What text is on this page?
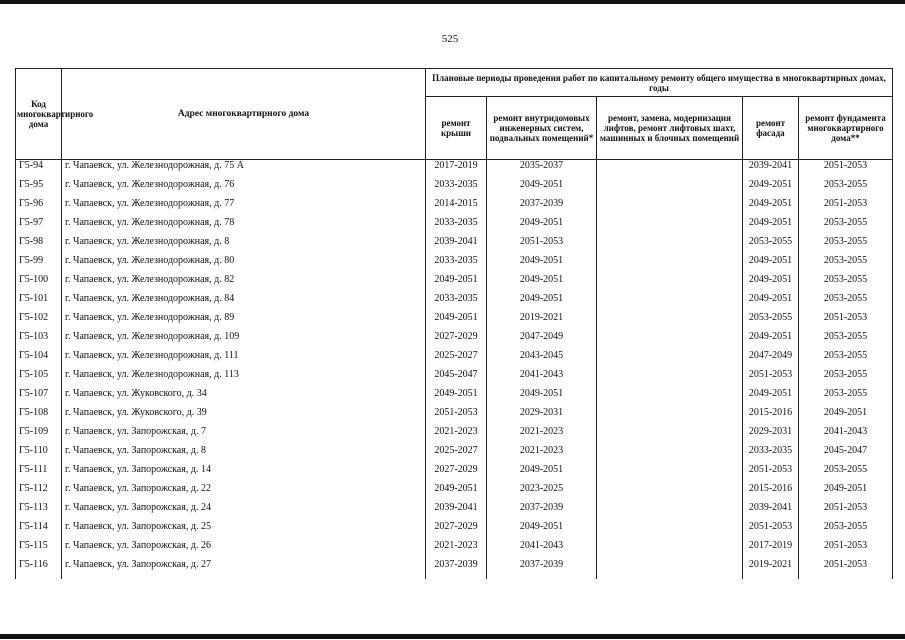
525
Код многоквартирного дома	Адрес многоквартирного дома	Плановые периоды проведения работ по капитальному ремонту общего имущества в многоквартирных домах, годы				
		ремонт крыши	ремонт внутридомовых инженерных систем, подвальных помещений*	ремонт, замена, модернизация лифтов, ремонт лифтовых шахт, машинных и блочных помещений	ремонт фасада	ремонт фундамента многоквартирного дома**
Г5-94	г. Чапаевск, ул. Железнодорожная, д. 75 А	2017-2019	2035-2037		2039-2041	2051-2053
Г5-95	г. Чапаевск, ул. Железнодорожная, д. 76	2033-2035	2049-2051		2049-2051	2053-2055
Г5-96	г. Чапаевск, ул. Железнодорожная, д. 77	2014-2015	2037-2039		2049-2051	2051-2053
Г5-97	г. Чапаевск, ул. Железнодорожная, д. 78	2033-2035	2049-2051		2049-2051	2053-2055
Г5-98	г. Чапаевск, ул. Железнодорожная, д. 8	2039-2041	2051-2053		2053-2055	2053-2055
Г5-99	г. Чапаевск, ул. Железнодорожная, д. 80	2033-2035	2049-2051		2049-2051	2053-2055
Г5-100	г. Чапаевск, ул. Железнодорожная, д. 82	2049-2051	2049-2051		2049-2051	2053-2055
Г5-101	г. Чапаевск, ул. Железнодорожная, д. 84	2033-2035	2049-2051		2049-2051	2053-2055
Г5-102	г. Чапаевск, ул. Железнодорожная, д. 89	2049-2051	2019-2021		2053-2055	2051-2053
Г5-103	г. Чапаевск, ул. Железнодорожная, д. 109	2027-2029	2047-2049		2049-2051	2053-2055
Г5-104	г. Чапаевск, ул. Железнодорожная, д. 111	2025-2027	2043-2045		2047-2049	2053-2055
Г5-105	г. Чапаевск, ул. Железнодорожная, д. 113	2045-2047	2041-2043		2051-2053	2053-2055
Г5-107	г. Чапаевск, ул. Жуковского, д. 34	2049-2051	2049-2051		2049-2051	2053-2055
Г5-108	г. Чапаевск, ул. Жуковского, д. 39	2051-2053	2029-2031		2015-2016	2049-2051
Г5-109	г. Чапаевск, ул. Запорожская, д. 7	2021-2023	2021-2023		2029-2031	2041-2043
Г5-110	г. Чапаевск, ул. Запорожская, д. 8	2025-2027	2021-2023		2033-2035	2045-2047
Г5-111	г. Чапаевск, ул. Запорожская, д. 14	2027-2029	2049-2051		2051-2053	2053-2055
Г5-112	г. Чапаевск, ул. Запорожская, д. 22	2049-2051	2023-2025		2015-2016	2049-2051
Г5-113	г. Чапаевск, ул. Запорожская, д. 24	2039-2041	2037-2039		2039-2041	2051-2053
Г5-114	г. Чапаевск, ул. Запорожская, д. 25	2027-2029	2049-2051		2051-2053	2053-2055
Г5-115	г. Чапаевск, ул. Запорожская, д. 26	2021-2023	2041-2043		2017-2019	2051-2053
Г5-116	г. Чапаевск, ул. Запорожская, д. 27	2037-2039	2037-2039		2019-2021	2051-2053
